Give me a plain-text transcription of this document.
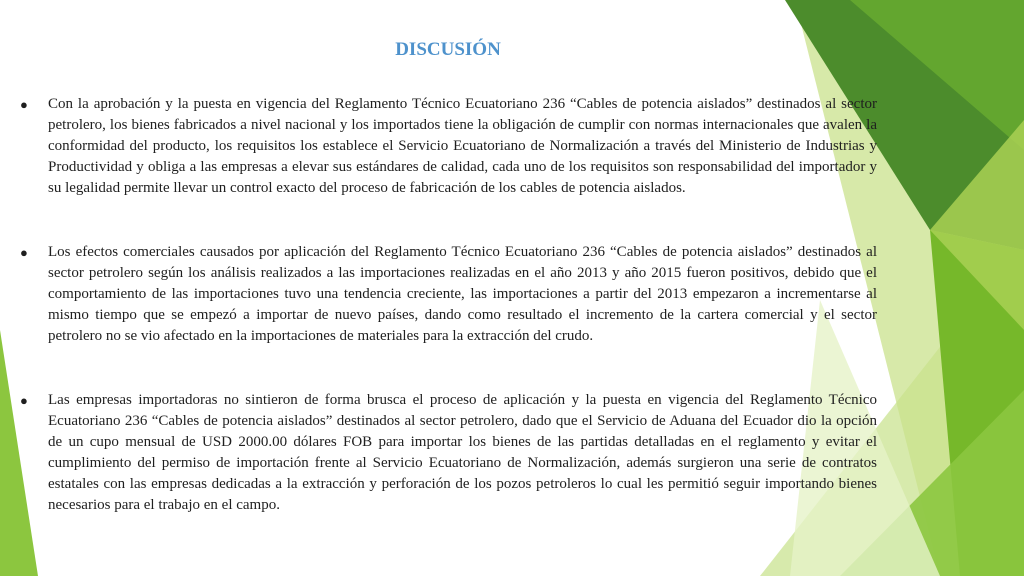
DISCUSIÓN

●	Con la aprobación y la puesta en vigencia del Reglamento Técnico Ecuatoriano 236 “Cables de potencia aislados” destinados al sector petrolero, los bienes fabricados a nivel nacional y los importados tiene la obligación de cumplir con normas internacionales que avalen la conformidad del producto, los requisitos los establece el Servicio Ecuatoriano de Normalización a través del Ministerio de Industrias y Productividad y obliga a las empresas a elevar sus estándares de calidad, cada uno de los requisitos son responsabilidad del importador y su legalidad permite llevar un control exacto del proceso de fabricación de los cables de potencia aislados.

●	Los efectos comerciales causados por aplicación del Reglamento Técnico Ecuatoriano 236 “Cables de potencia aislados” destinados al sector petrolero según los análisis realizados a las importaciones realizadas en el año 2013 y año 2015 fueron positivos, debido que el comportamiento de las importaciones tuvo una tendencia creciente, las importaciones a partir del 2013 empezaron a incrementarse al mismo tiempo que se empezó a importar de nuevo países, dando como resultado el incremento de la cartera comercial y el sector petrolero no se vio afectado en la importaciones de materiales para la extracción del crudo.

●	Las empresas importadoras no sintieron de forma brusca el proceso de aplicación y la puesta en vigencia del Reglamento Técnico Ecuatoriano 236 “Cables de potencia aislados” destinados al sector petrolero, dado que el Servicio de Aduana del Ecuador dio la opción de un cupo mensual de USD 2000.00 dólares FOB para importar los bienes de las partidas detalladas en el reglamento y evitar el cumplimiento del permiso de importación frente al Servicio Ecuatoriano de Normalización, además surgieron una serie de contratos estatales con las empresas dedicadas a la extracción y perforación de los pozos petroleros lo cual les permitió seguir importando bienes necesarios para el trabajo en el campo.
